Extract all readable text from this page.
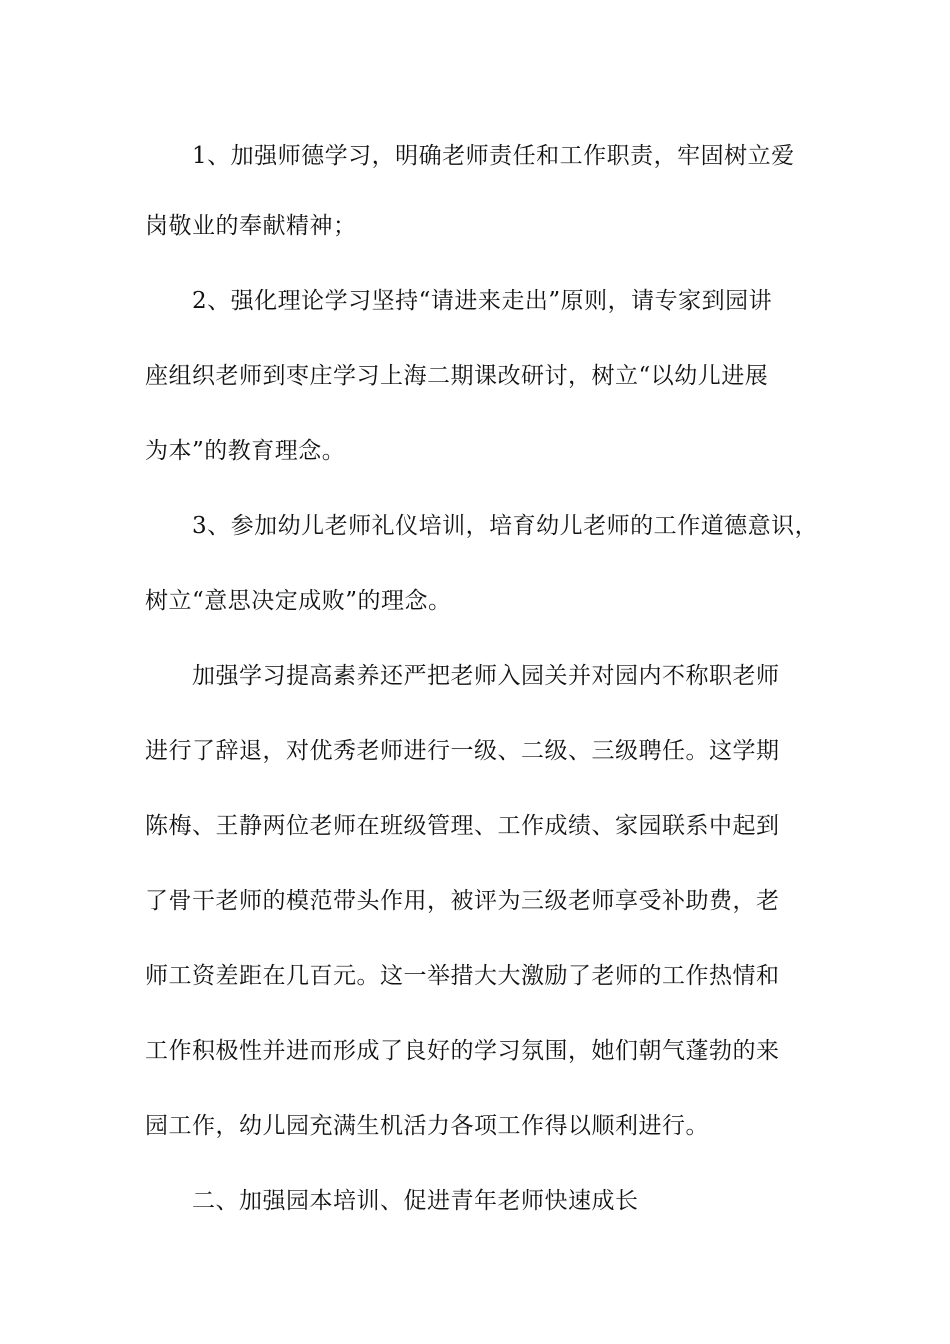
1、加强师德学习，明确老师责任和工作职责，牢固树立爱
岗敬业的奉献精神；
2、强化理论学习坚持“请进来走出”原则，请专家到园讲
座组织老师到枣庄学习上海二期课改研讨，树立“以幼儿进展
为本”的教育理念。
3、参加幼儿老师礼仪培训，培育幼儿老师的工作道德意识，
树立“意思决定成败”的理念。
加强学习提高素养还严把老师入园关并对园内不称职老师
进行了辞退，对优秀老师进行一级、二级、三级聘任。这学期
陈梅、王静两位老师在班级管理、工作成绩、家园联系中起到
了骨干老师的模范带头作用，被评为三级老师享受补助费，老
师工资差距在几百元。这一举措大大激励了老师的工作热情和
工作积极性并进而形成了良好的学习氛围，她们朝气蓬勃的来
园工作，幼儿园充满生机活力各项工作得以顺利进行。
二、加强园本培训、促进青年老师快速成长
